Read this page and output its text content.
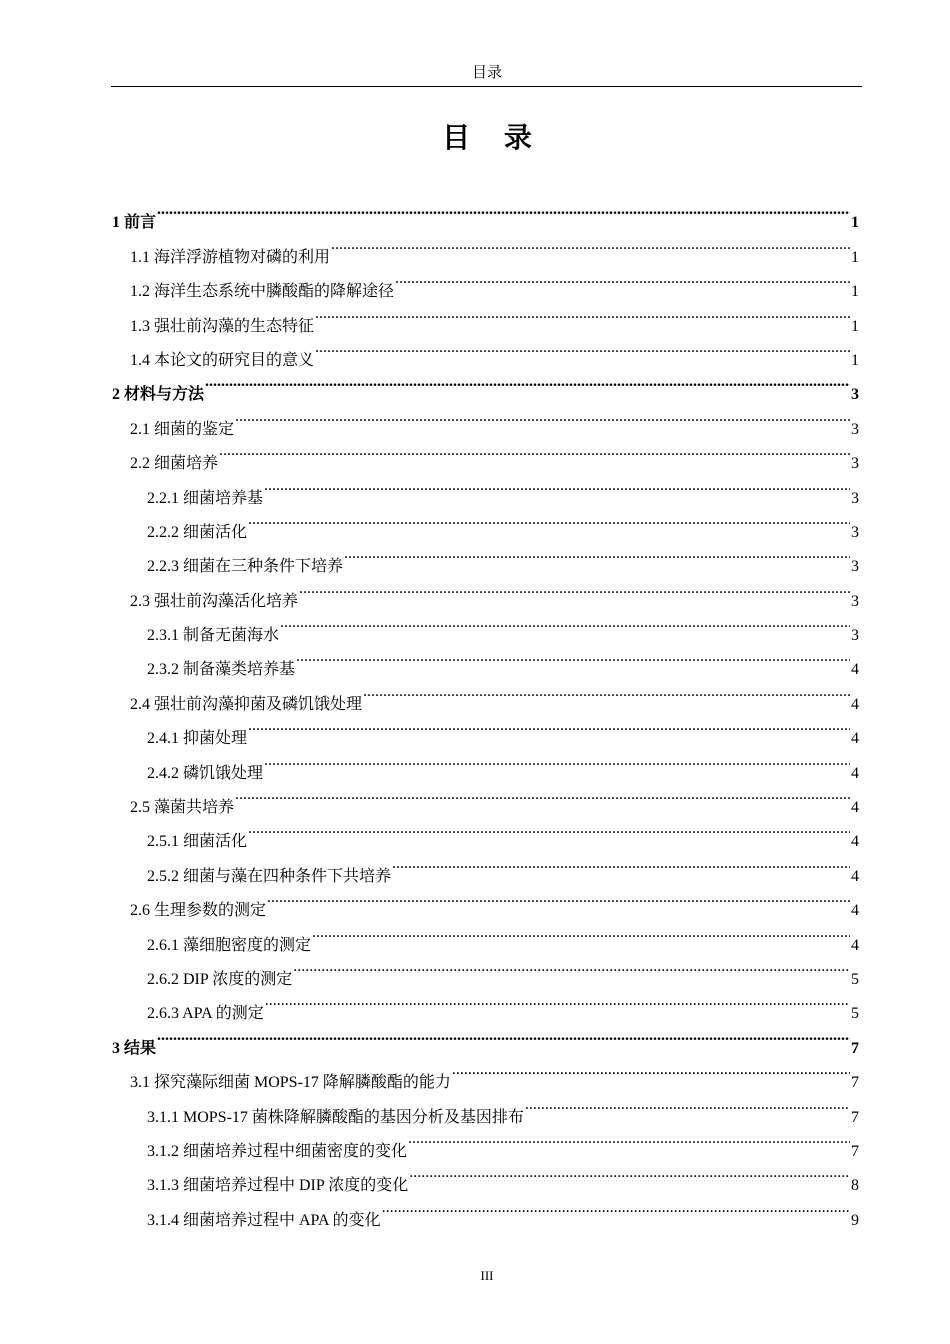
目录
目 录
1 前言 .....	1
1.1 海洋浮游植物对磷的利用 .....	1
1.2 海洋生态系统中膦酸酯的降解途径 .....	1
1.3 强壮前沟藻的生态特征 .....	1
1.4 本论文的研究目的意义 .....	1
2 材料与方法 .....	3
2.1 细菌的鉴定 .....	3
2.2 细菌培养 .....	3
2.2.1 细菌培养基 .....	3
2.2.2 细菌活化 .....	3
2.2.3 细菌在三种条件下培养 .....	3
2.3 强壮前沟藻活化培养 .....	3
2.3.1 制备无菌海水 .....	3
2.3.2 制备藻类培养基 .....	4
2.4 强壮前沟藻抑菌及磷饥饿处理 .....	4
2.4.1 抑菌处理 .....	4
2.4.2 磷饥饿处理 .....	4
2.5 藻菌共培养 .....	4
2.5.1 细菌活化 .....	4
2.5.2 细菌与藻在四种条件下共培养 .....	4
2.6 生理参数的测定 .....	4
2.6.1 藻细胞密度的测定 .....	4
2.6.2 DIP 浓度的测定 .....	5
2.6.3 APA 的测定 .....	5
3 结果 .....	7
3.1 探究藻际细菌 MOPS-17 降解膦酸酯的能力 .....	7
3.1.1 MOPS-17 菌株降解膦酸酯的基因分析及基因排布 .....	7
3.1.2 细菌培养过程中细菌密度的变化 .....	7
3.1.3 细菌培养过程中 DIP 浓度的变化 .....	8
3.1.4 细菌培养过程中 APA 的变化 .....	9
III
